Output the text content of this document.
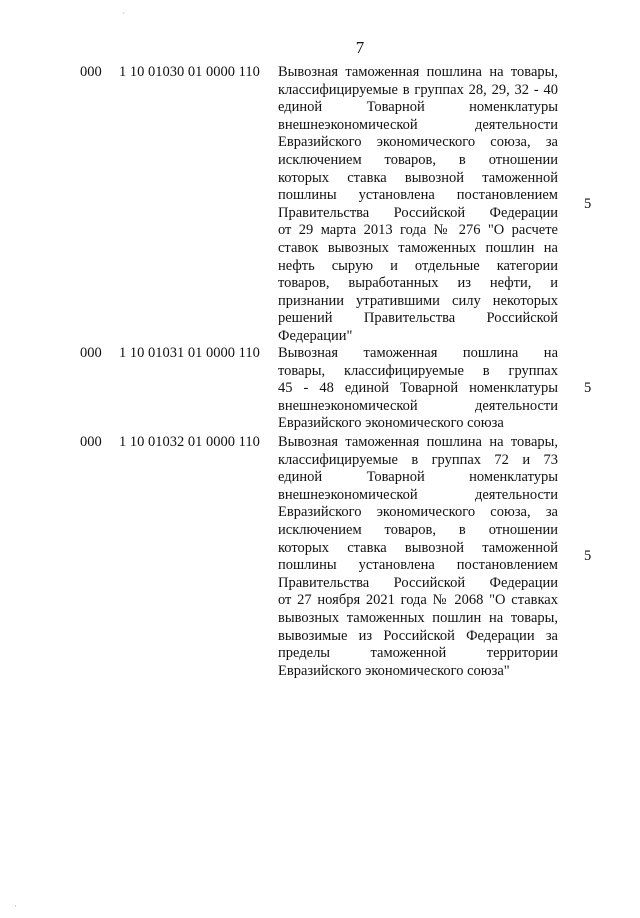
ˊ
·
7
000 1 10 01030 01 0000 110 Вывозная таможенная пошлина на товары,
классифицируемые в группах 28, 29, 32 - 40
единой Товарной номенклатуры
внешнеэкономической деятельности
Евразийского экономического союза, за
исключением товаров, в отношении
которых ставка вывозной таможенной
пошлины установлена постановлением
Правительства Российской Федерации
от 29 марта 2013 года № 276 "О расчете
ставок вывозных таможенных пошлин на
нефть сырую и отдельные категории
товаров, выработанных из нефти, и
признании утратившими силу некоторых
решений Правительства Российской
Федерации"
5
000 1 10 01031 01 0000 110 Вывозная таможенная пошлина на
товары, классифицируемые в группах
45 - 48 единой Товарной номенклатуры
внешнеэкономической деятельности
Евразийского экономического союза
5
000 1 10 01032 01 0000 110 Вывозная таможенная пошлина на товары,
классифицируемые в группах 72 и 73
единой Товарной номенклатуры
внешнеэкономической деятельности
Евразийского экономического союза, за
исключением товаров, в отношении
которых ставка вывозной таможенной
пошлины установлена постановлением
Правительства Российской Федерации
от 27 ноября 2021 года № 2068 "О ставках
вывозных таможенных пошлин на товары,
вывозимые из Российской Федерации за
пределы таможенной территории
Евразийского экономического союза"
5
